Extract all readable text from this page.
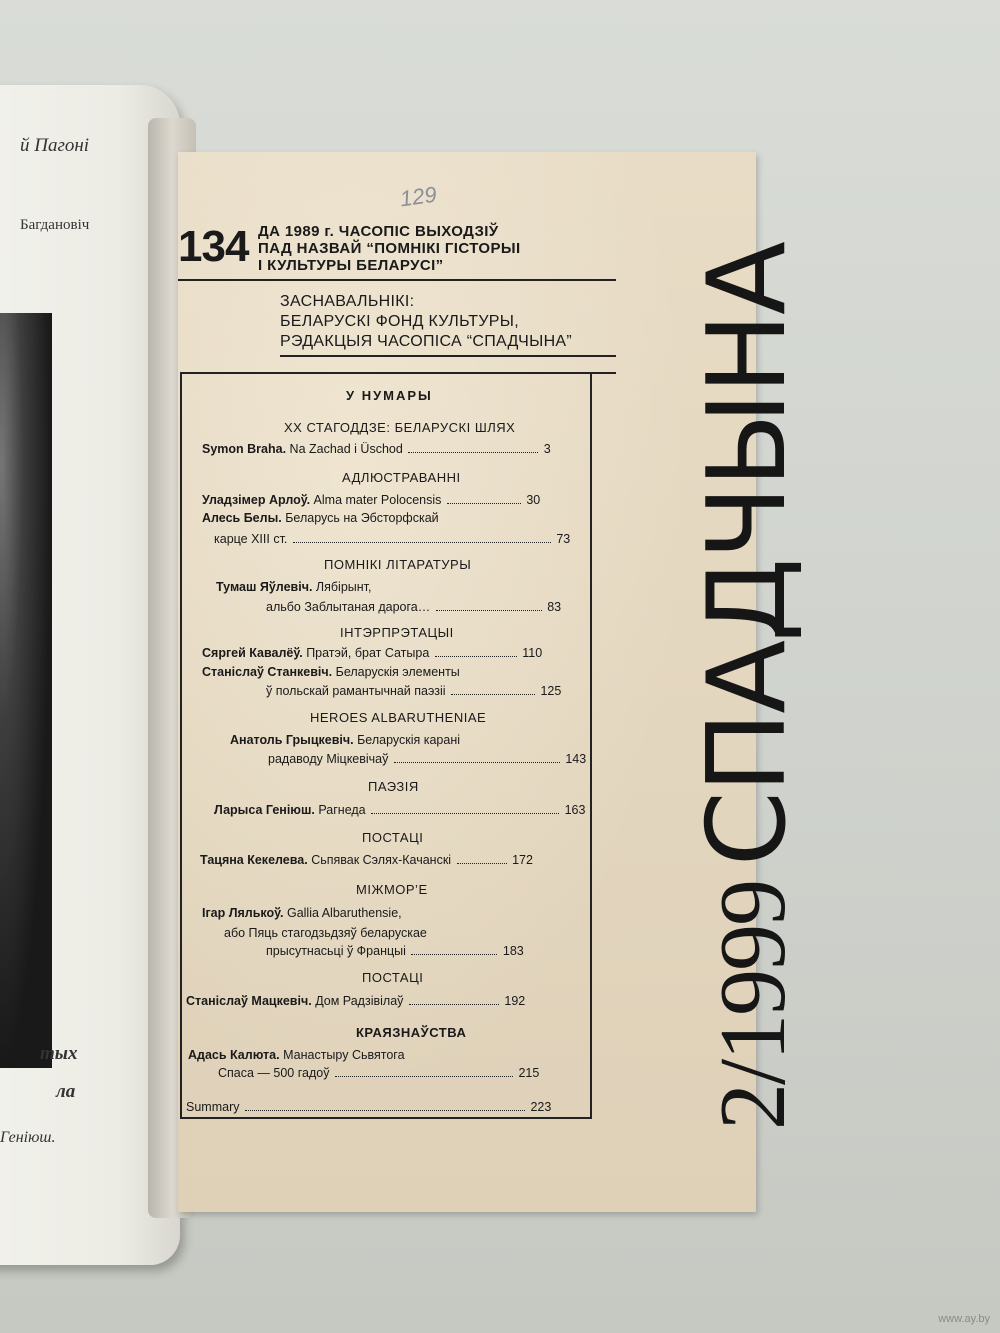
й Пагоні
Багдановіч
тых
ла
Геніюш.
134
129
ДА 1989 г. ЧАСОПІС ВЫХОДЗІЎ
ПАД НАЗВАЙ “ПОМНІКІ ГІСТОРЫІ
І КУЛЬТУРЫ БЕЛАРУСІ”
ЗАСНАВАЛЬНІКІ:
БЕЛАРУСКІ ФОНД КУЛЬТУРЫ,
РЭДАКЦЫЯ ЧАСОПІСА “СПАДЧЫНА”
У НУМАРЫ
XX СТАГОДДЗЕ: БЕЛАРУСКІ ШЛЯХ
Symon Braha. Na Zachad i Üschod	3
АДЛЮСТРАВАННІ
Уладзімер Арлоў. Alma mater Polocensis	30
Алесь Белы. Беларусь на Эбсторфскай
карце XIII ст.	73
ПОМНІКІ ЛІТАРАТУРЫ
Тумаш Яўлевіч. Лябірынт,
альбо Заблытаная дарога…	83
ІНТЭРПРЭТАЦЫІ
Сяргей Кавалёў. Пратэй, брат Сатыра	110
Станіслаў Станкевіч. Беларускія элементы
ў польскай рамантычнай паэзіі	125
HEROES ALBARUTHENIAE
Анатоль Грыцкевіч. Беларускія карані
радаводу Міцкевічаў	143
ПАЭЗІЯ
Ларыса Геніюш. Рагнеда	163
ПОСТАЦІ
Тацяна Кекелева. Сьпявак Сэлях-Качанскі	172
МІЖМОР’Е
Ігар Лялькоў. Gallia Albaruthensie,
або Пяць стагодзьдзяў беларускае
прысутнасьці ў Францыі	183
ПОСТАЦІ
Станіслаў Мацкевіч. Дом Радзівілаў	192
КРАЯЗНАЎСТВА
Адась Калюта. Манастыру Сьвятога
Спаса — 500 гадоў	215
Summary	223 2/1999 СПАДЧЫНА
www.ay.by
